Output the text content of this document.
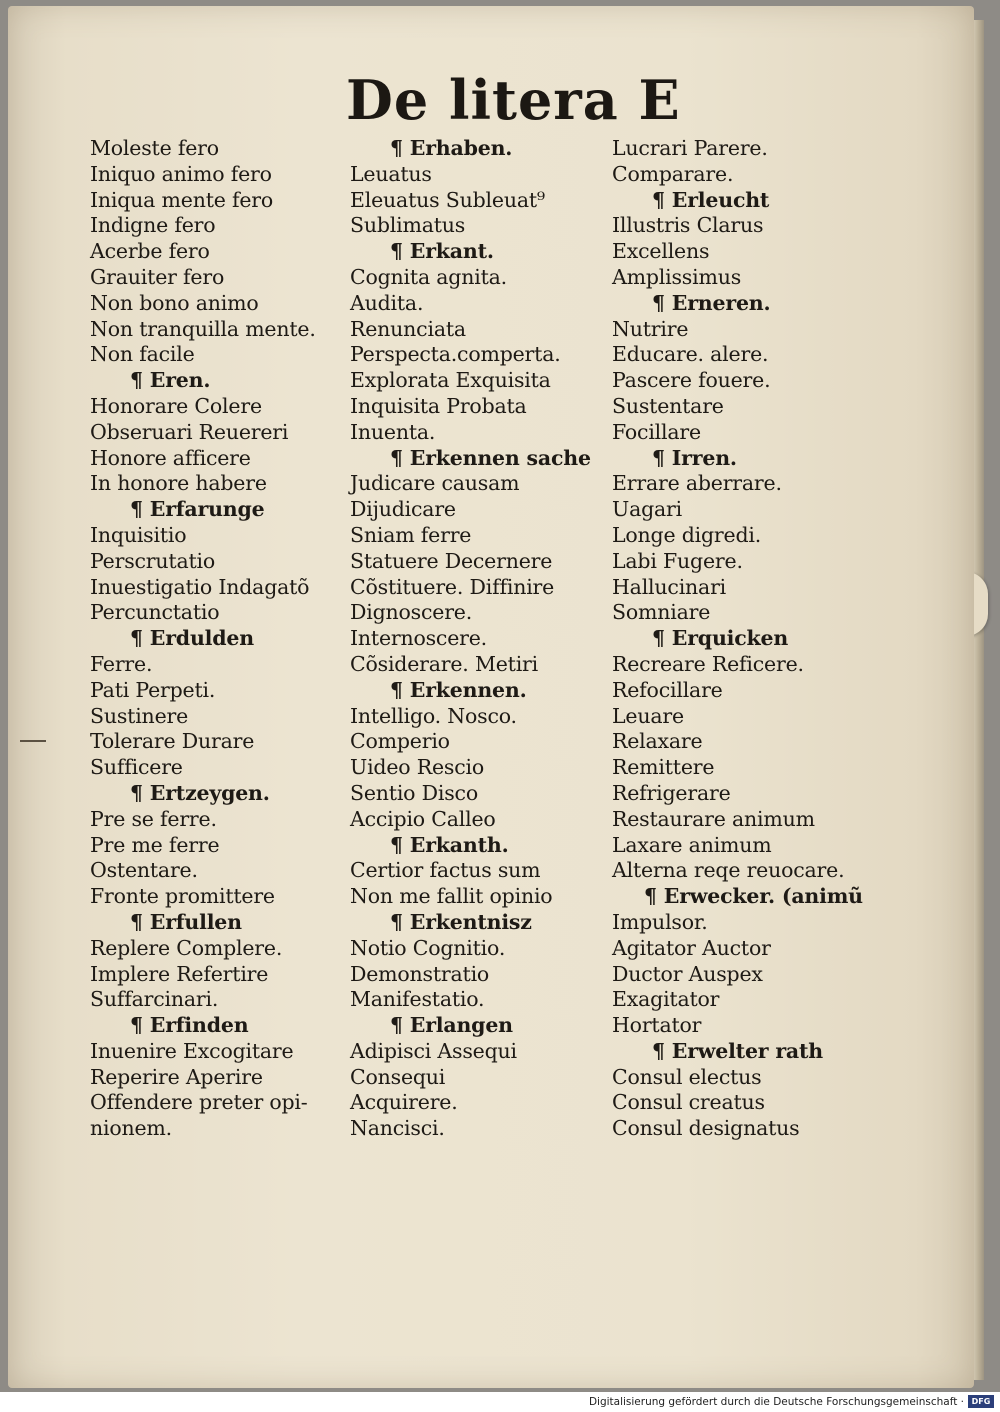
De litera E
Moleste fero
Iniquo animo fero
Iniqua mente fero
Indigne fero
Acerbe fero
Grauiter fero
Non bono animo
Non tranquilla mente.
Non facile
¶ Eren.
Honorare Colere
Obseruari Reuereri
Honore afficere
In honore habere
¶ Erfarunge
Inquisitio
Perscrutatio
Inuestigatio Indagatõ
Percunctatio
¶ Erdulden
Ferre.
Pati Perpeti.
Sustinere
Tolerare Durare
Sufficere
¶ Ertzeygen.
Pre se ferre.
Pre me ferre
Ostentare.
Fronte promittere
¶ Erfullen
Replere Complere.
Implere Refertire
Suffarcinari.
¶ Erfinden
Inuenire Excogitare
Reperire Aperire
Offendere preter opi-
nionem.
¶ Erhaben.
Leuatus
Eleuatus Subleuat⁹
Sublimatus
¶ Erkant.
Cognita agnita.
Audita.
Renunciata
Perspecta.comperta.
Explorata Exquisita
Inquisita Probata
Inuenta.
¶ Erkennen sache
Judicare causam
Dijudicare
Sniam ferre
Statuere Decernere
Cõstituere. Diffinire
Dignoscere.
Internoscere.
Cõsiderare. Metiri
¶ Erkennen.
Intelligo. Nosco.
Comperio
Uideo Rescio
Sentio Disco
Accipio Calleo
¶ Erkanth.
Certior factus sum
Non me fallit opinio
¶ Erkentnisz
Notio Cognitio.
Demonstratio
Manifestatio.
¶ Erlangen
Adipisci Assequi
Consequi
Acquirere.
Nancisci.
Lucrari Parere.
Comparare.
¶ Erleucht
Illustris Clarus
Excellens
Amplissimus
¶ Erneren.
Nutrire
Educare. alere.
Pascere fouere.
Sustentare
Focillare
¶ Irren.
Errare aberrare.
Uagari
Longe digredi.
Labi Fugere.
Hallucinari
Somniare
¶ Erquicken
Recreare Reficere.
Refocillare
Leuare
Relaxare
Remittere
Refrigerare
Restaurare animum
Laxare animum
Alterna reqe reuocare.
¶ Erwecker. (animũ
Impulsor.
Agitator Auctor
Ductor Auspex
Exagitator
Hortator
¶ Erwelter rath
Consul electus
Consul creatus
Consul designatus
Digitalisierung gefördert durch die Deutsche Forschungsgemeinschaft · DFG
